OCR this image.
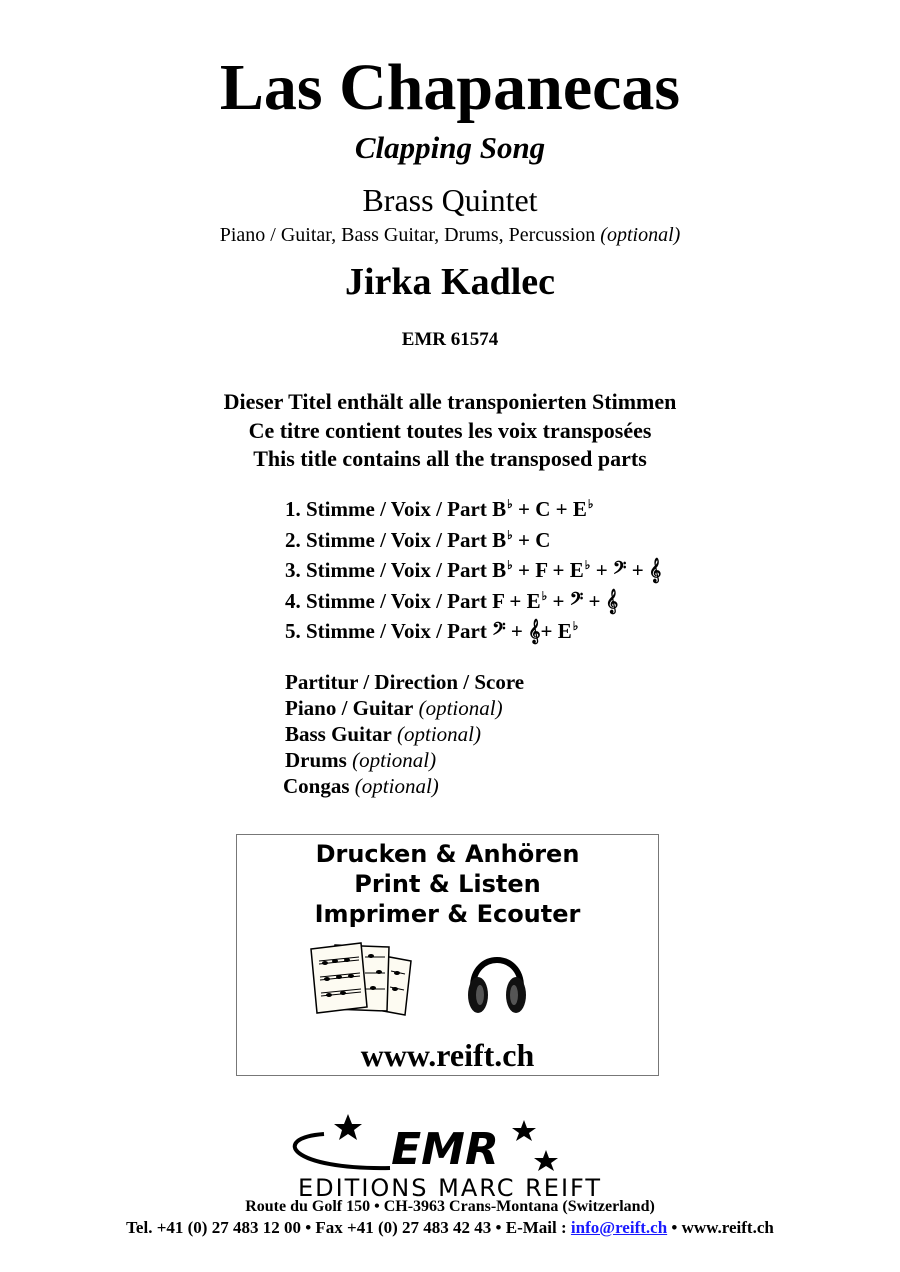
Las Chapanecas
Clapping Song
Brass Quintet
Piano / Guitar, Bass Guitar, Drums, Percussion (optional)
Jirka Kadlec
EMR 61574
Dieser Titel enthält alle transponierten Stimmen
Ce titre contient toutes les voix transposées
This title contains all the transposed parts
1. Stimme / Voix / Part B♭ + C + E♭
2. Stimme / Voix / Part B♭ + C
3. Stimme / Voix / Part B♭ + F + E♭ + 𝄢 + 𝄞
4. Stimme / Voix / Part F + E♭ + 𝄢 + 𝄞
5. Stimme / Voix / Part 𝄢 + 𝄞+ E♭
Partitur / Direction / Score
Piano / Guitar (optional)
Bass Guitar (optional)
Drums (optional)
Congas (optional)
Drucken & Anhören
Print & Listen
Imprimer & Ecouter
www.reift.ch
EMR
EDITIONS MARC REIFT
Route du Golf 150 • CH-3963 Crans-Montana (Switzerland)
Tel. +41 (0) 27 483 12 00 • Fax +41 (0) 27 483 42 43 • E-Mail : info@reift.ch • www.reift.ch
